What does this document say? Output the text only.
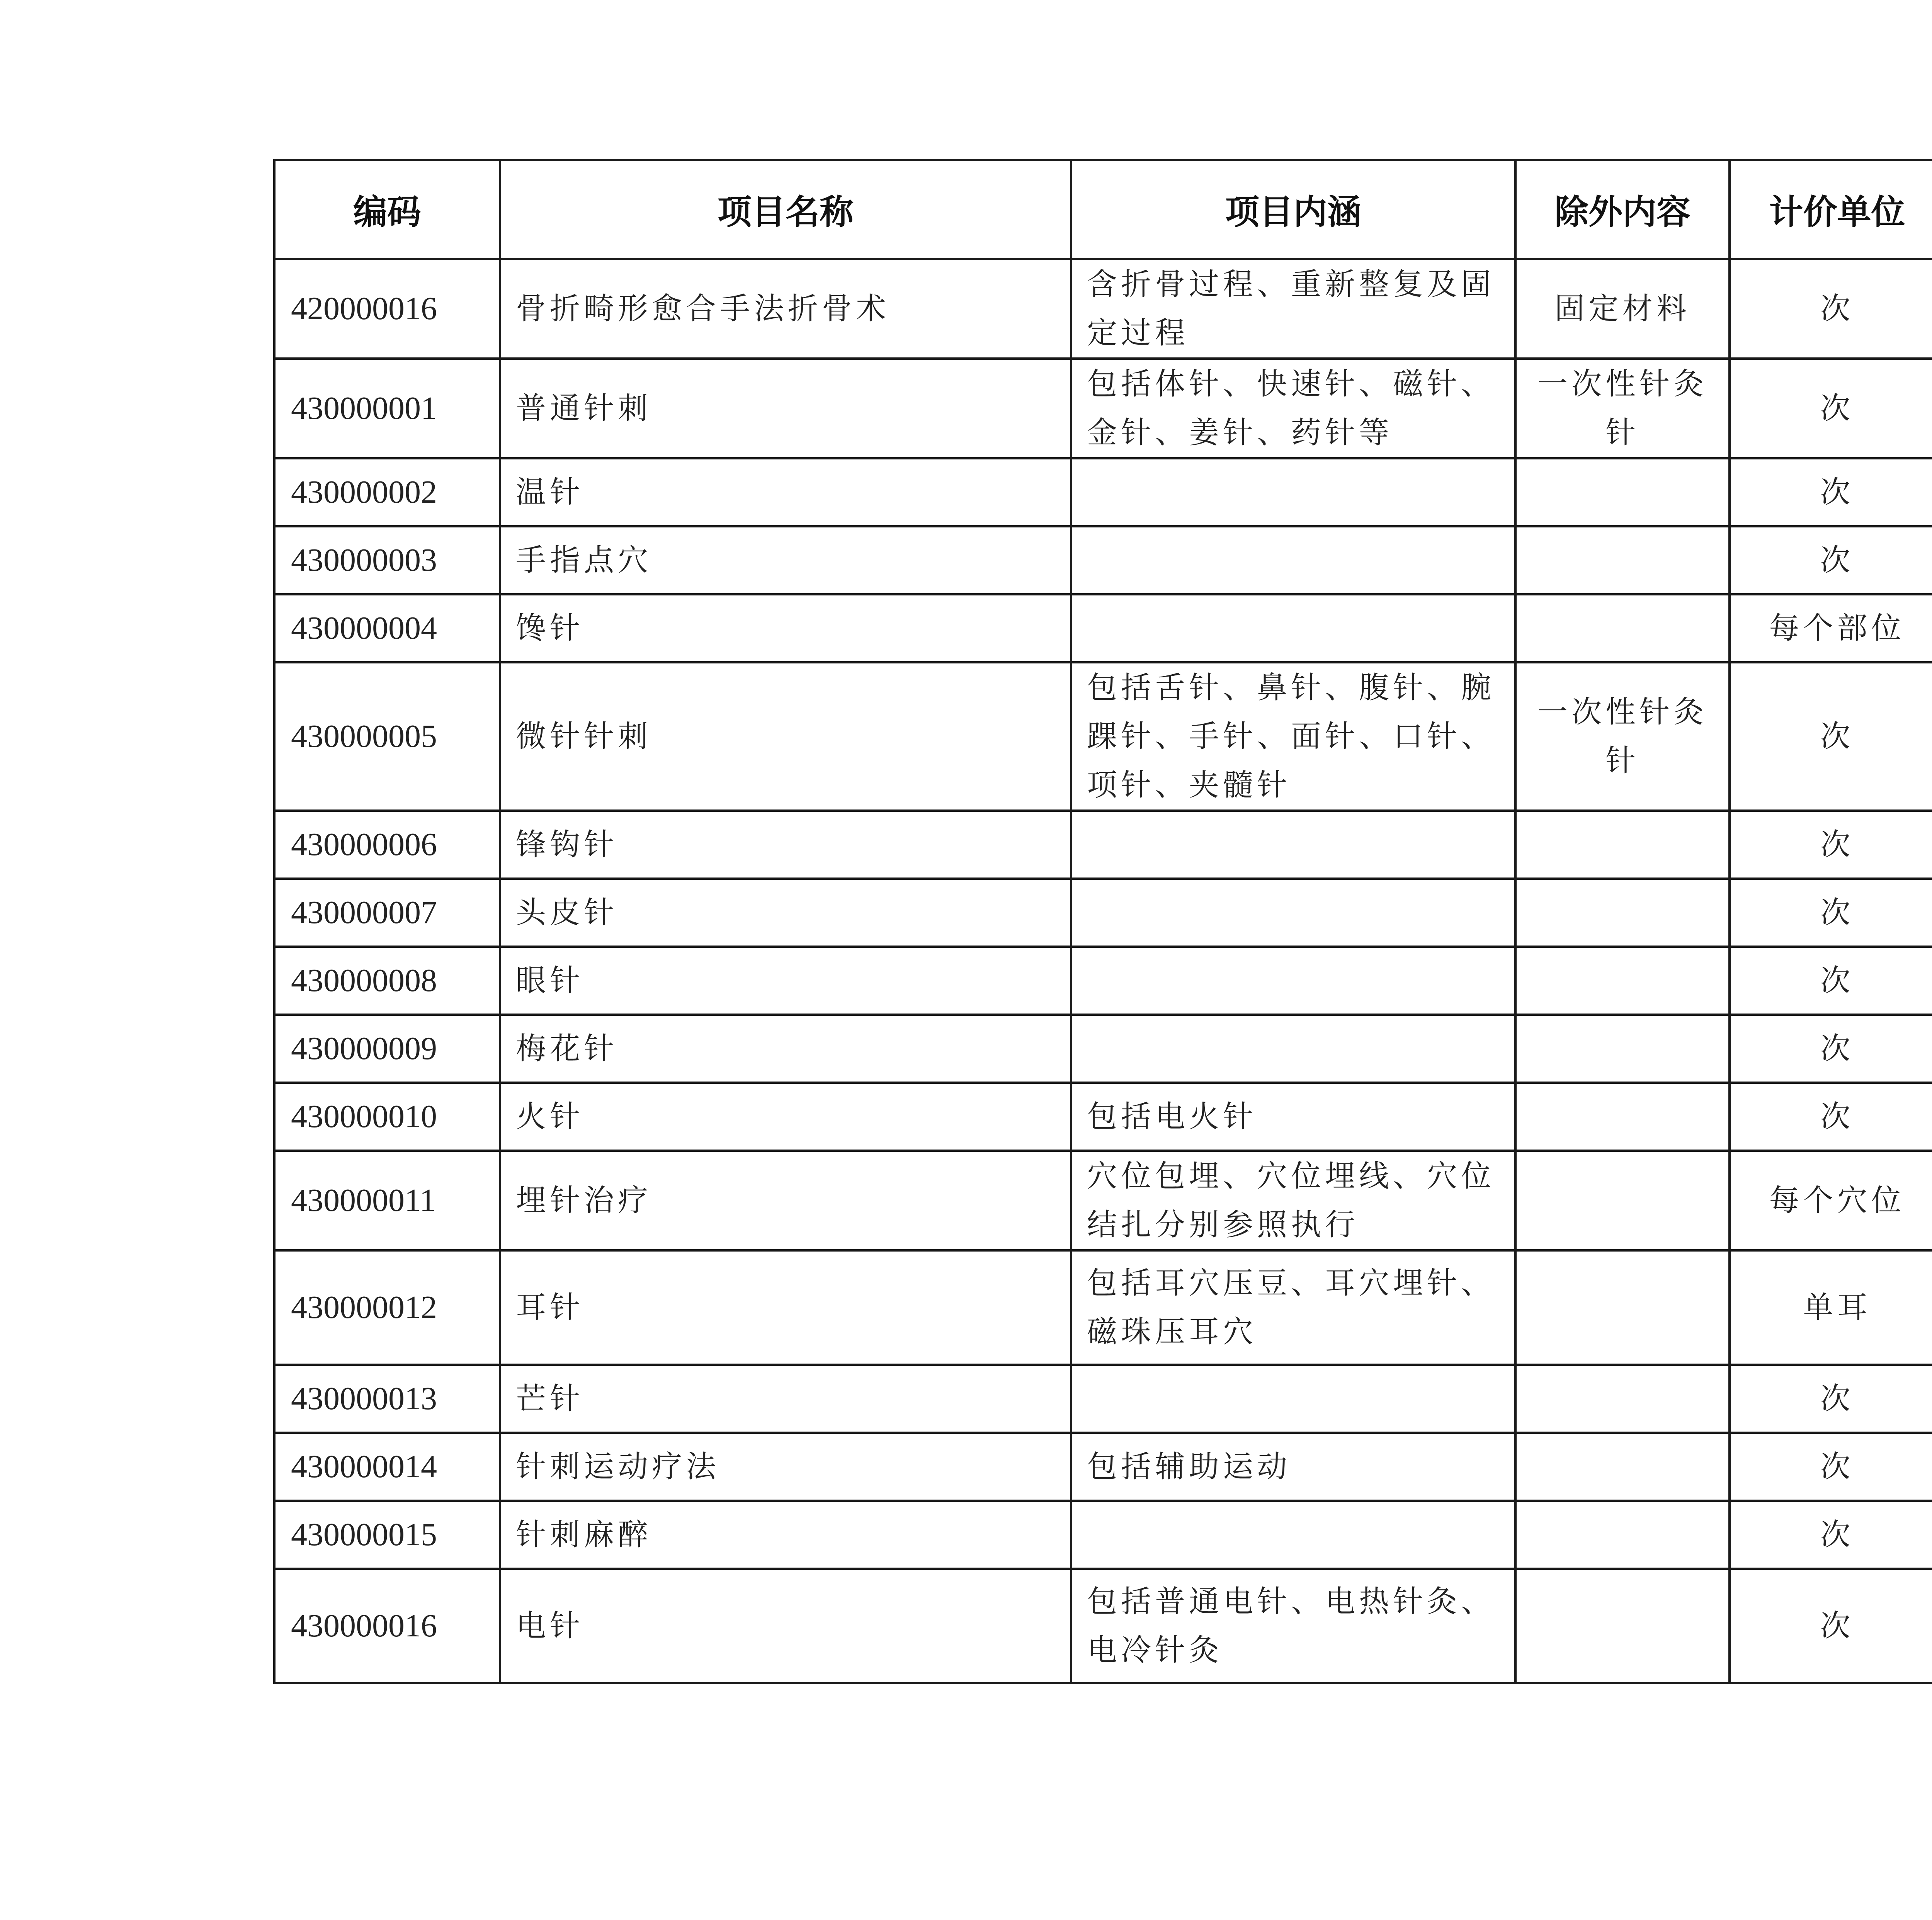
编码	项目名称	项目内涵	除外内容	计价单位	
420000016	骨折畸形愈合手法折骨术	含折骨过程、重新整复及固定过程	固定材料	次	
430000001	普通针刺	包括体针、快速针、磁针、金针、姜针、药针等	一次性针灸针	次	
430000002	温针			次	
430000003	手指点穴			次	
430000004	馋针			每个部位	
430000005	微针针刺	包括舌针、鼻针、腹针、腕踝针、手针、面针、口针、项针、夹髓针	一次性针灸针	次	
430000006	锋钩针			次	
430000007	头皮针			次	
430000008	眼针			次	
430000009	梅花针			次	
430000010	火针	包括电火针		次	
430000011	埋针治疗	穴位包埋、穴位埋线、穴位结扎分别参照执行		每个穴位	
430000012	耳针	包括耳穴压豆、耳穴埋针、磁珠压耳穴		单耳	
430000013	芒针			次	
430000014	针刺运动疗法	包括辅助运动		次	
430000015	针刺麻醉			次	
430000016	电针	包括普通电针、电热针灸、电冷针灸		次	
